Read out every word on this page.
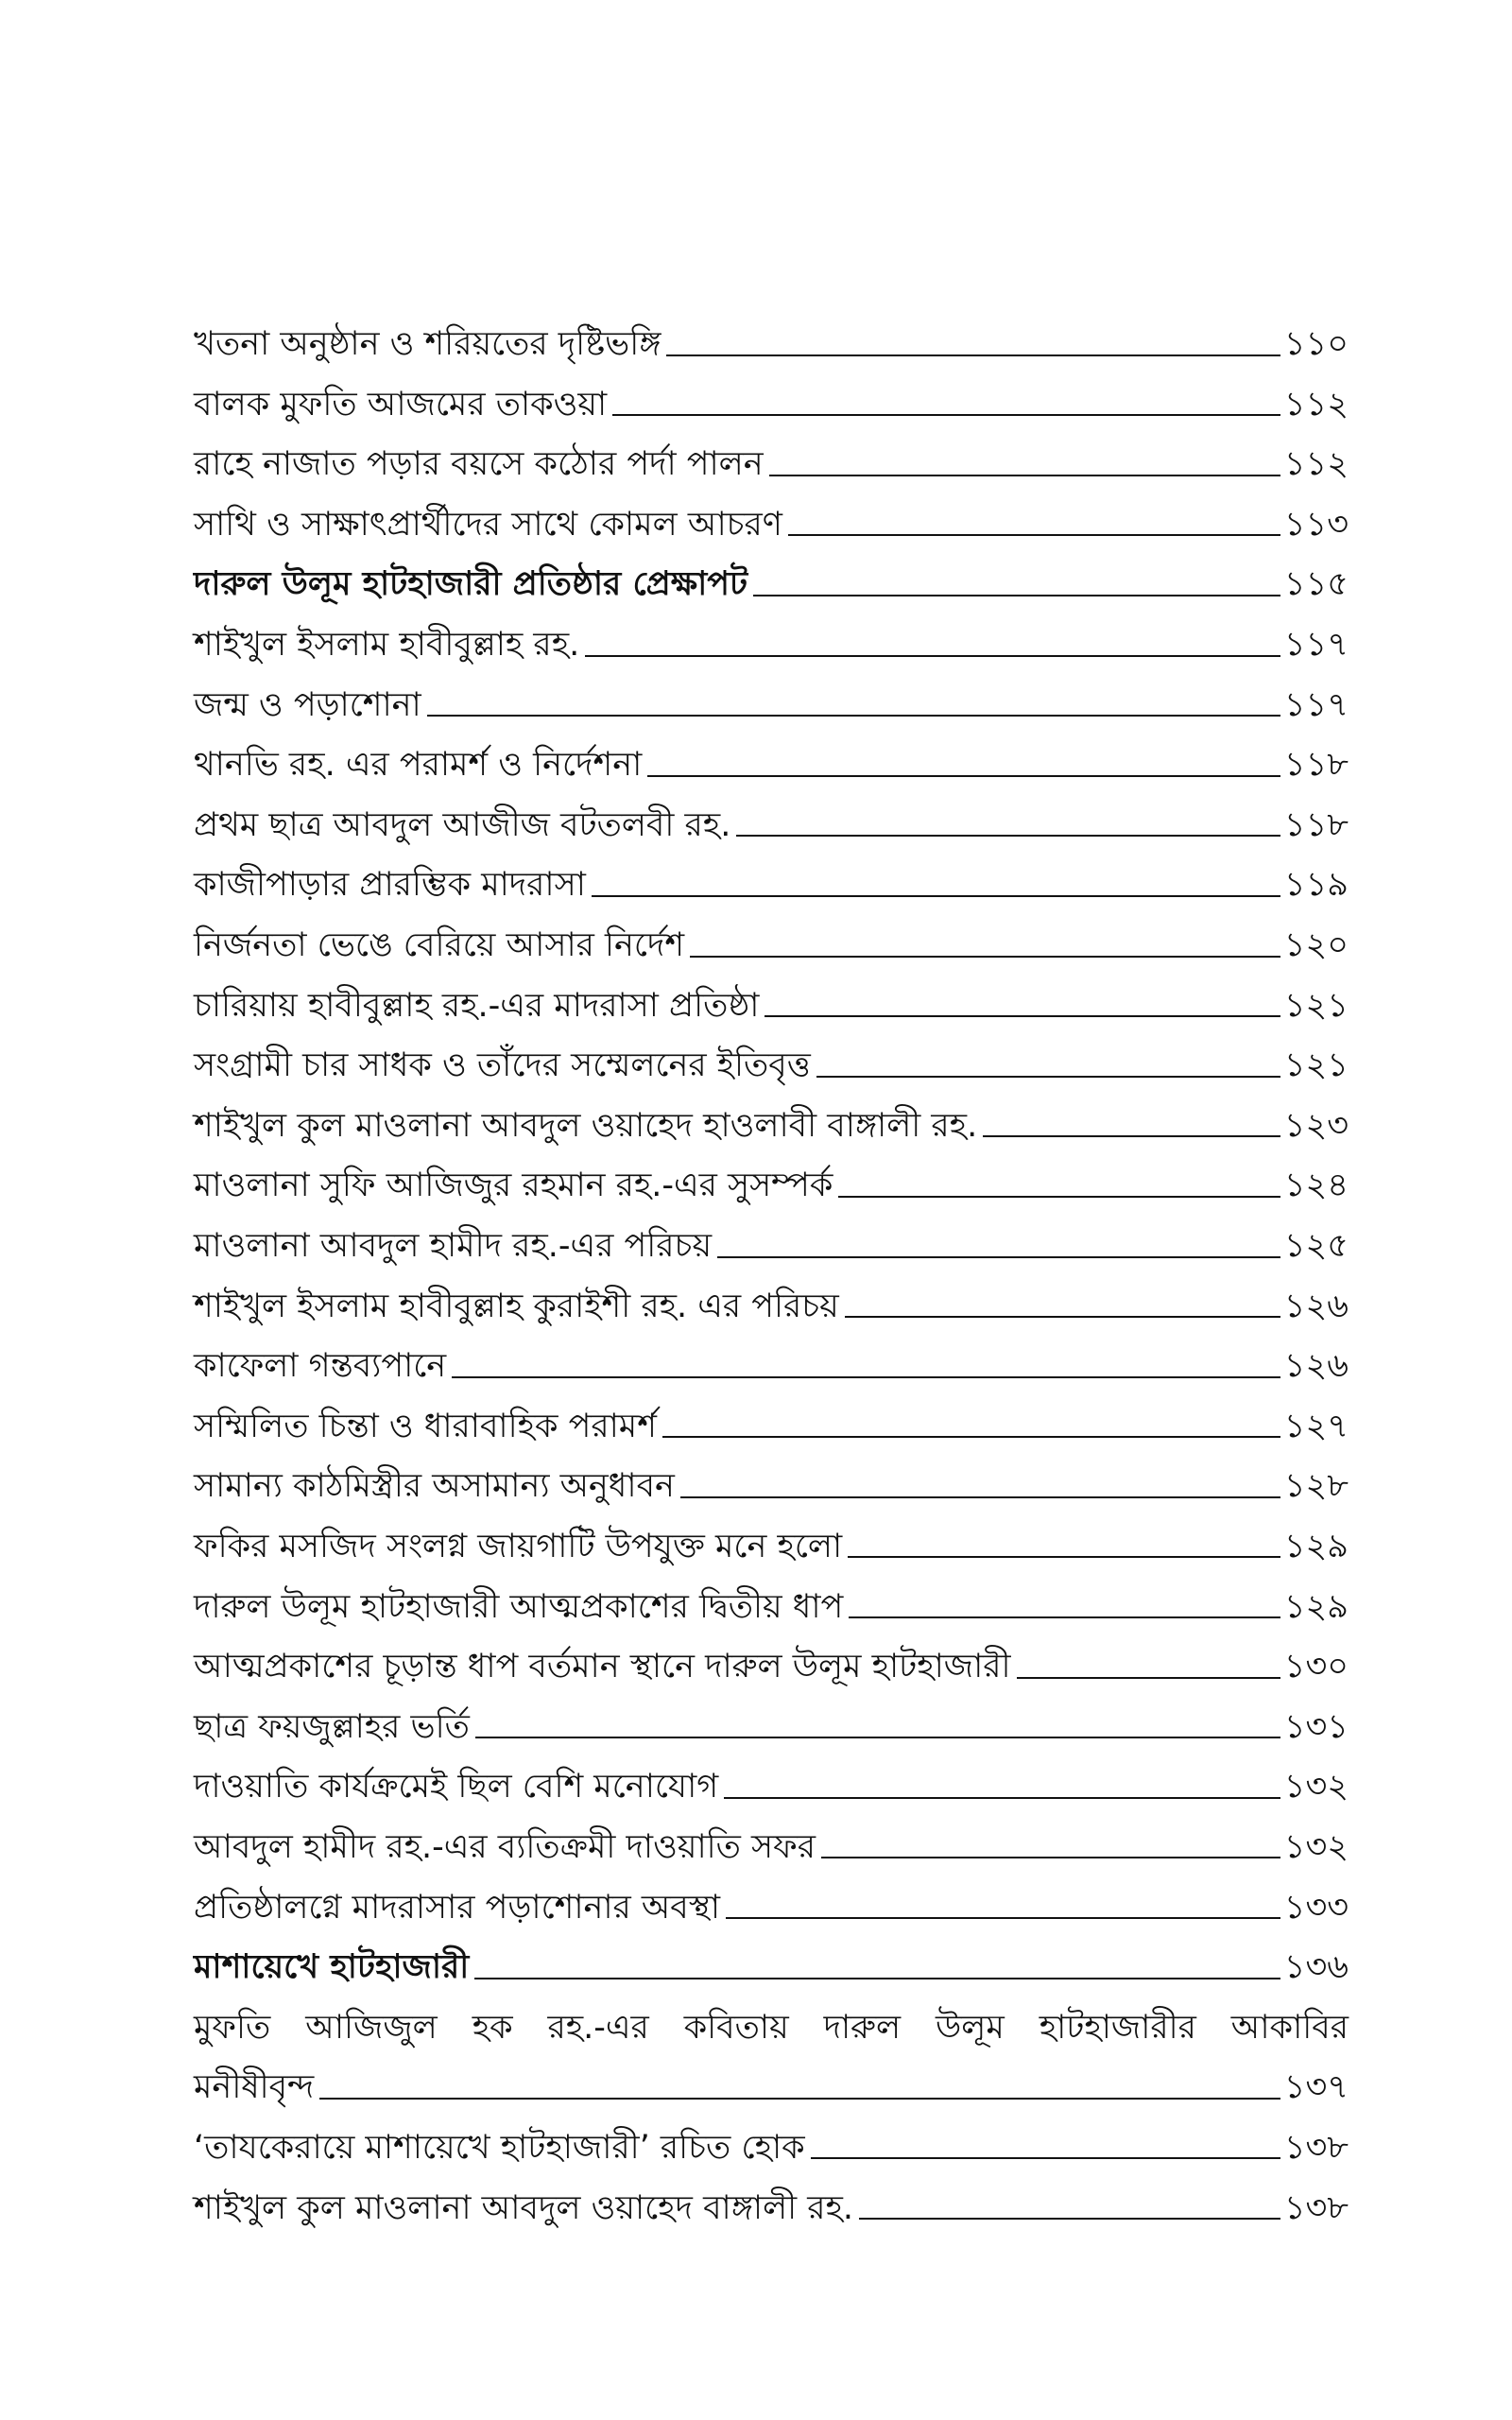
খতনা অনুষ্ঠান ও শরিয়তের দৃষ্টিভঙ্গি	১১০
বালক মুফতি আজমের তাকওয়া	১১২
রাহে নাজাত পড়ার বয়সে কঠোর পর্দা পালন	১১২
সাথি ও সাক্ষাৎপ্রার্থীদের সাথে কোমল আচরণ	১১৩
দারুল উলূম হাটহাজারী প্রতিষ্ঠার প্রেক্ষাপট	১১৫
শাইখুল ইসলাম হাবীবুল্লাহ রহ.	১১৭
জন্ম ও পড়াশোনা	১১৭
থানভি রহ. এর পরামর্শ ও নির্দেশনা	১১৮
প্রথম ছাত্র আবদুল আজীজ বটতলবী রহ.	১১৮
কাজীপাড়ার প্রারম্ভিক মাদরাসা	১১৯
নির্জনতা ভেঙে বেরিয়ে আসার নির্দেশ	১২০
চারিয়ায় হাবীবুল্লাহ রহ.-এর মাদরাসা প্রতিষ্ঠা	১২১
সংগ্রামী চার সাধক ও তাঁদের সম্মেলনের ইতিবৃত্ত	১২১
শাইখুল কুল মাওলানা আবদুল ওয়াহেদ হাওলাবী বাঙ্গালী রহ.	১২৩
মাওলানা সুফি আজিজুর রহমান রহ.-এর সুসম্পর্ক	১২৪
মাওলানা আবদুল হামীদ রহ.-এর পরিচয়	১২৫
শাইখুল ইসলাম হাবীবুল্লাহ কুরাইশী রহ. এর পরিচয়	১২৬
কাফেলা গন্তব্যপানে	১২৬
সম্মিলিত চিন্তা ও ধারাবাহিক পরামর্শ	১২৭
সামান্য কাঠমিস্ত্রীর অসামান্য অনুধাবন	১২৮
ফকির মসজিদ সংলগ্ন জায়গাটি উপযুক্ত মনে হলো	১২৯
দারুল উলূম হাটহাজারী আত্মপ্রকাশের দ্বিতীয় ধাপ	১২৯
আত্মপ্রকাশের চূড়ান্ত ধাপ বর্তমান স্থানে দারুল উলূম হাটহাজারী	১৩০
ছাত্র ফয়জুল্লাহর ভর্তি	১৩১
দাওয়াতি কার্যক্রমেই ছিল বেশি মনোযোগ	১৩২
আবদুল হামীদ রহ.-এর ব্যতিক্রমী দাওয়াতি সফর	১৩২
প্রতিষ্ঠালগ্নে মাদরাসার পড়াশোনার অবস্থা	১৩৩
মাশায়েখে হাটহাজারী	১৩৬
মুফতি আজিজুল হক রহ.-এর কবিতায় দারুল উলূম হাটহাজারীর আকাবির
মনীষীবৃন্দ	১৩৭
‘তাযকেরায়ে মাশায়েখে হাটহাজারী’ রচিত হোক	১৩৮
শাইখুল কুল মাওলানা আবদুল ওয়াহেদ বাঙ্গালী রহ.	১৩৮
